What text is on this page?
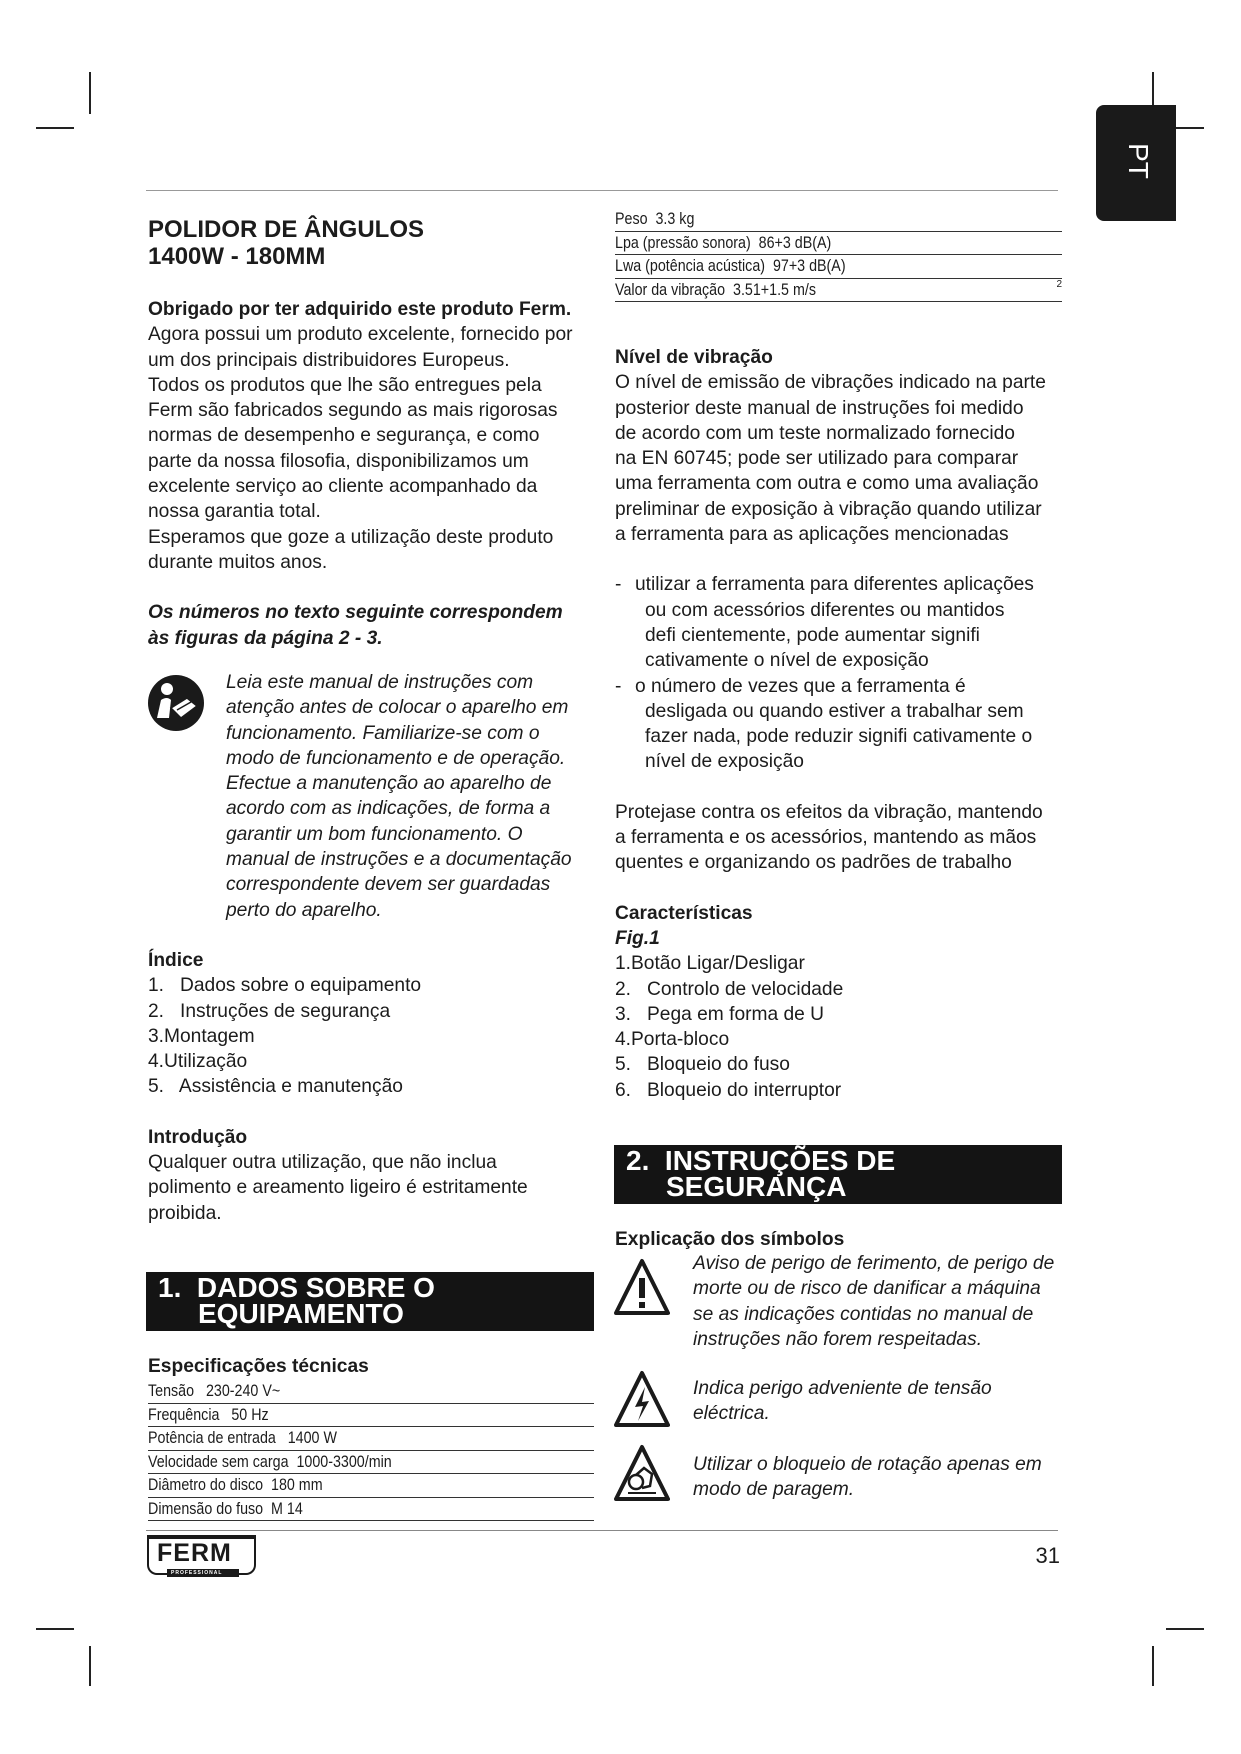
PT
POLIDOR DE ÂNGULOS
1400W - 180MM

Obrigado por ter adquirido este produto Ferm.

Agora possui um produto excelente, fornecido por

um dos principais distribuidores Europeus.

Todos os produtos que lhe são entregues pela

Ferm são fabricados segundo as mais rigorosas

normas de desempenho e segurança, e como

parte da nossa filosofia, disponibilizamos um

excelente serviço ao cliente acompanhado da

nossa garantia total.

Esperamos que goze a utilização deste produto

durante muitos anos.

Os números no texto seguinte correspondem

às figuras da página 2 - 3.

Leia este manual de instruções com

atenção antes de colocar o aparelho em

funcionamento. Familiarize-se com o

modo de funcionamento e de operação.

Efectue a manutenção ao aparelho de

acordo com as indicações, de forma a

garantir um bom funcionamento. O

manual de instruções e a documentação

correspondente devem ser guardadas

perto do aparelho.

Índice

1.   Dados sobre o equipamento

2.   Instruções de segurança

3.Montagem

4.Utilização

5.   Assistência e manutenção

Introdução

Qualquer outra utilização, que não inclua

polimento e areamento ligeiro é estritamente

proibida.

1.  DADOS SOBRE O
EQUIPAMENTO

Especificações técnicas

Tensão   230-240 V~
Frequência   50 Hz
Potência de entrada   1400 W
Velocidade sem carga  1000-3300/min
Diâmetro do disco  180 mm
Dimensão do fuso  M 14
Peso  3.3 kg
Lpa (pressão sonora)  86+3 dB(A)
Lwa (potência acústica)  97+3 dB(A)
Valor da vibração  3.51+1.5 m/s	2

Nível de vibração

O nível de emissão de vibrações indicado na parte

posterior deste manual de instruções foi medido

de acordo com um teste normalizado fornecido

na EN 60745; pode ser utilizado para comparar

uma ferramenta com outra e como uma avaliação

preliminar de exposição à vibração quando utilizar

a ferramenta para as aplicações mencionadas

- utilizar a ferramenta para diferentes aplicações

ou com acessórios diferentes ou mantidos

defi cientemente, pode aumentar signifi

cativamente o nível de exposição

- o número de vezes que a ferramenta é

desligada ou quando estiver a trabalhar sem

fazer nada, pode reduzir signifi cativamente o

nível de exposição

Protejase contra os efeitos da vibração, mantendo

a ferramenta e os acessórios, mantendo as mãos

quentes e organizando os padrões de trabalho

Características

Fig.1

1.Botão Ligar/Desligar

2.   Controlo de velocidade

3.   Pega em forma de U

4.Porta-bloco

5.   Bloqueio do fuso

6.   Bloqueio do interruptor

2.  INSTRUÇÕES DE
SEGURANÇA

Explicação dos símbolos

Aviso de perigo de ferimento, de perigo de

morte ou de risco de danificar a máquina

se as indicações contidas no manual de

instruções não forem respeitadas.

Indica perigo adveniente de tensão

eléctrica.

Utilizar o bloqueio de rotação apenas em

modo de paragem.

FERM
PROFESSIONAL
31
